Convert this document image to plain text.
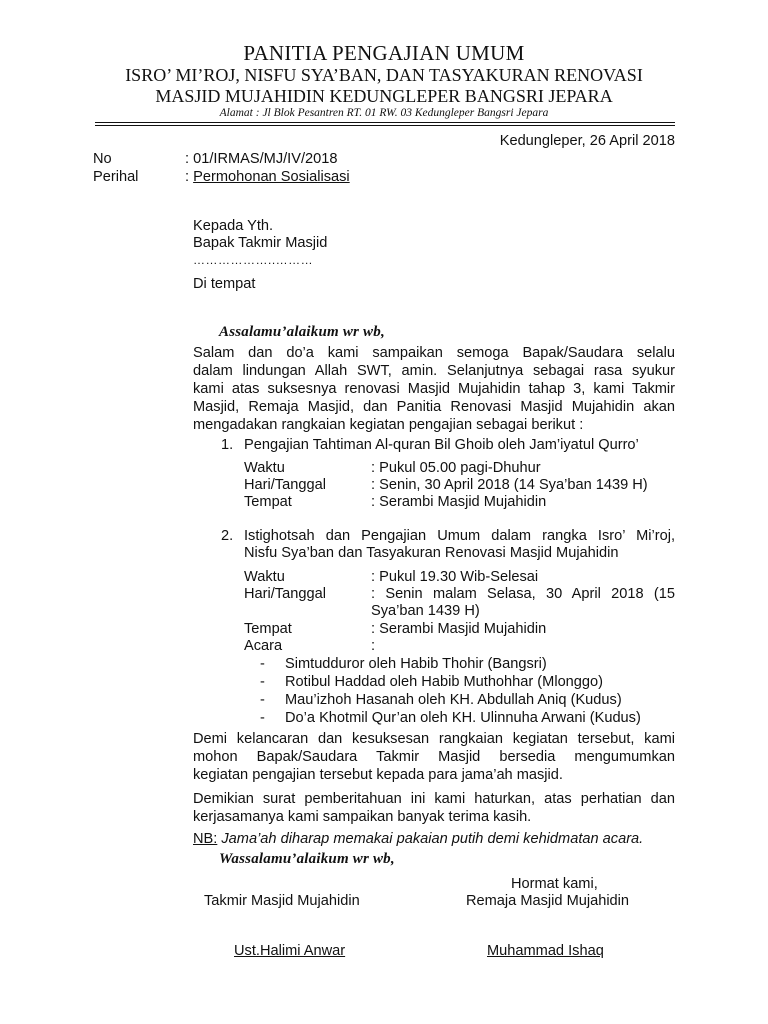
PANITIA PENGAJIAN UMUM
ISRO’ MI’ROJ, NISFU SYA’BAN, DAN TASYAKURAN RENOVASI
MASJID MUJAHIDIN KEDUNGLEPER BANGSRI JEPARA
Alamat : Jl Blok Pesantren RT. 01 RW. 03 Kedungleper Bangsri Jepara
Kedungleper, 26 April 2018
No	: 01/IRMAS/MJ/IV/2018
Perihal	: Permohonan Sosialisasi
Kepada Yth.
Bapak Takmir Masjid
………………..………
Di tempat
Assalamu’alaikum wr wb,
Salam dan do’a kami sampaikan semoga Bapak/Saudara selalu
dalam lindungan Allah SWT, amin. Selanjutnya sebagai rasa syukur
kami atas suksesnya renovasi Masjid Mujahidin tahap 3, kami Takmir
Masjid, Remaja Masjid, dan Panitia Renovasi Masjid Mujahidin akan
mengadakan rangkaian kegiatan pengajian sebagai berikut :
1. Pengajian Tahtiman Al-quran Bil Ghoib oleh Jam’iyatul Qurro’
Waktu	: Pukul 05.00 pagi-Dhuhur
Hari/Tanggal	: Senin, 30 April 2018 (14 Sya’ban 1439 H)
Tempat	: Serambi Masjid Mujahidin
2. Istighotsah dan Pengajian Umum dalam rangka Isro’ Mi’roj,
Nisfu Sya’ban dan Tasyakuran Renovasi Masjid Mujahidin
Waktu	: Pukul 19.30 Wib-Selesai
Hari/Tanggal	: Senin malam Selasa, 30 April 2018 (15
Sya’ban 1439 H)
Tempat	: Serambi Masjid Mujahidin
Acara	:
- Simtudduror oleh Habib Thohir (Bangsri)
- Rotibul Haddad oleh Habib Muthohhar (Mlonggo)
- Mau’izhoh Hasanah oleh KH. Abdullah Aniq (Kudus)
- Do’a Khotmil Qur’an oleh KH. Ulinnuha Arwani (Kudus)
Demi kelancaran dan kesuksesan rangkaian kegiatan tersebut, kami
mohon Bapak/Saudara Takmir Masjid bersedia mengumumkan
kegiatan pengajian tersebut kepada para jama’ah masjid.
Demikian surat pemberitahuan ini kami haturkan, atas perhatian dan
kerjasamanya kami sampaikan banyak terima kasih.
NB: Jama’ah diharap memakai pakaian putih demi kehidmatan acara.
Wassalamu’alaikum wr wb,
Hormat kami,
Takmir Masjid Mujahidin	Remaja Masjid Mujahidin
Ust.Halimi Anwar	Muhammad Ishaq
